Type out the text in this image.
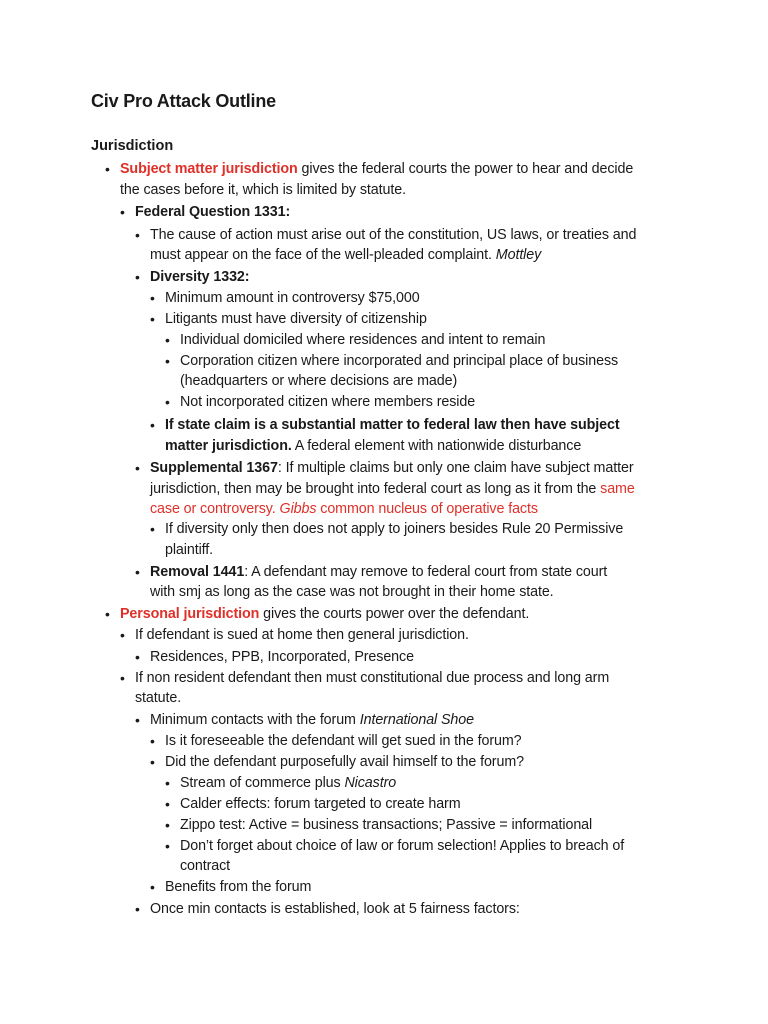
Civ Pro Attack Outline
Jurisdiction
• Subject matter jurisdiction gives the federal courts the power to hear and decide
the cases before it, which is limited by statute.
• Federal Question 1331:
• The cause of action must arise out of the constitution, US laws, or treaties and
must appear on the face of the well-pleaded complaint. Mottley
• Diversity 1332:
• Minimum amount in controversy $75,000
• Litigants must have diversity of citizenship
• Individual domiciled where residences and intent to remain
• Corporation citizen where incorporated and principal place of business
(headquarters or where decisions are made)
• Not incorporated citizen where members reside
• If state claim is a substantial matter to federal law then have subject
matter jurisdiction. A federal element with nationwide disturbance
• Supplemental 1367: If multiple claims but only one claim have subject matter
jurisdiction, then may be brought into federal court as long as it from the same
case or controversy. Gibbs common nucleus of operative facts
• If diversity only then does not apply to joiners besides Rule 20 Permissive
plaintiff.
• Removal 1441: A defendant may remove to federal court from state court
with smj as long as the case was not brought in their home state.
• Personal jurisdiction gives the courts power over the defendant.
• If defendant is sued at home then general jurisdiction.
• Residences, PPB, Incorporated, Presence
• If non resident defendant then must constitutional due process and long arm
statute.
• Minimum contacts with the forum International Shoe
• Is it foreseeable the defendant will get sued in the forum?
• Did the defendant purposefully avail himself to the forum?
• Stream of commerce plus Nicastro
• Calder effects: forum targeted to create harm
• Zippo test: Active = business transactions; Passive = informational
• Don’t forget about choice of law or forum selection! Applies to breach of
contract
• Benefits from the forum
• Once min contacts is established, look at 5 fairness factors:
